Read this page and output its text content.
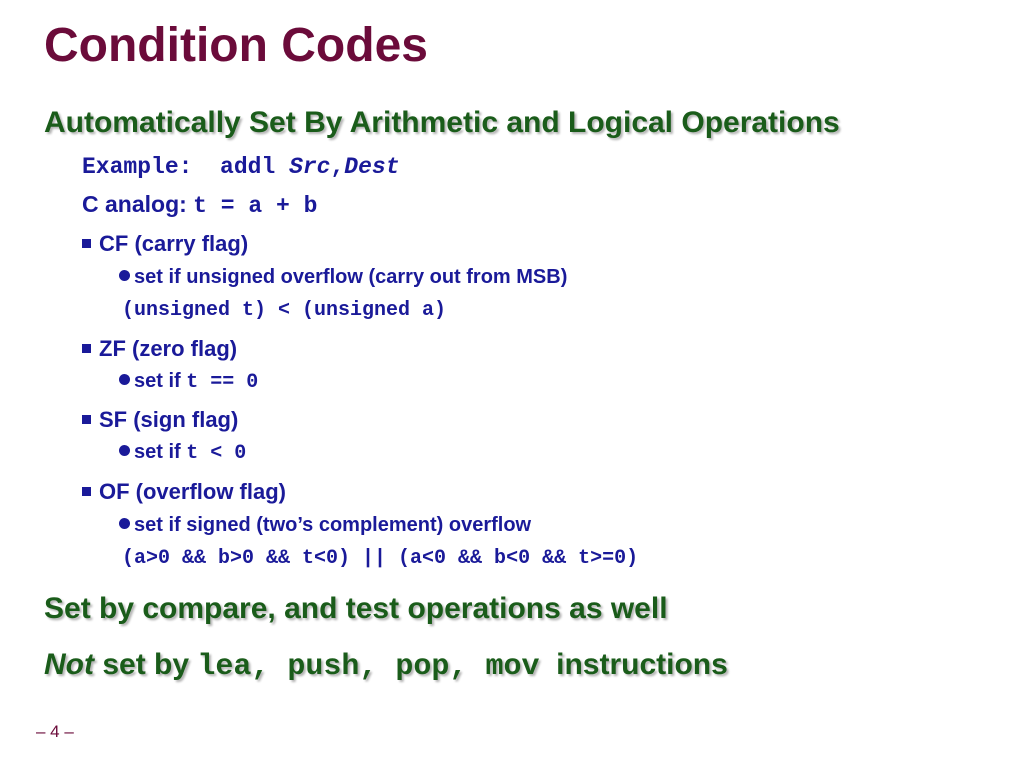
Condition Codes
Automatically Set By Arithmetic and Logical Operations
Example: addl Src,Dest
C analog: t = a + b
CF (carry flag)
set if unsigned overflow (carry out from MSB)
(unsigned t) < (unsigned a)
ZF (zero flag)
set if t == 0
SF (sign flag)
set if t < 0
OF (overflow flag)
set if signed (two’s complement) overflow
(a>0 && b>0 && t<0) || (a<0 && b<0 && t>=0)
Set by compare, and test operations as well
Not set by lea, push, pop, mov instructions
– 4 –
